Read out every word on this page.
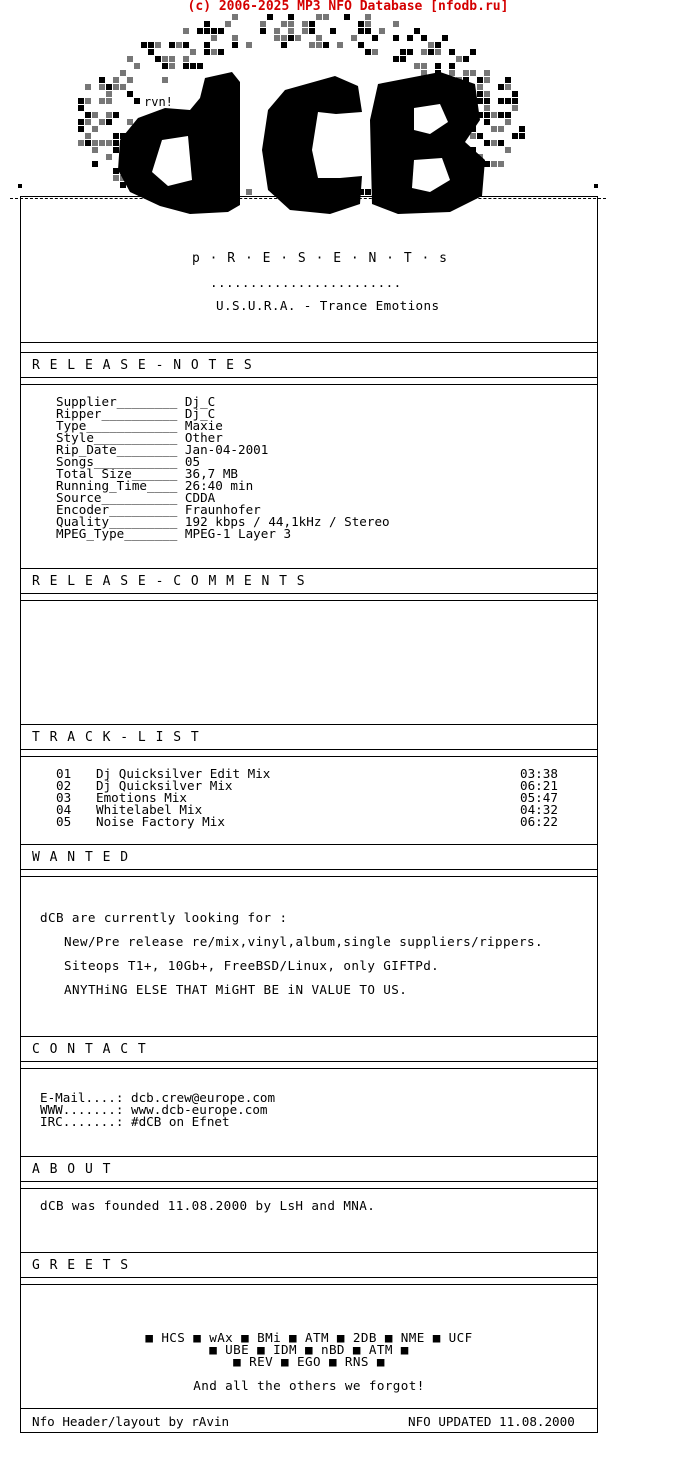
(c) 2006-2025 MP3 NFO Database [nfodb.ru]
rvn!
p · R · E · S · E · N · T · s
........................
U.S.U.R.A. - Trance Emotions
R E L E A S E - N O T E S
Supplier________ Dj_C
Ripper__________ Dj_C
Type____________ Maxie
Style___________ Other
Rip_Date________ Jan-04-2001
Songs___________ 05
Total Size______ 36,7 MB
Running_Time____ 26:40 min
Source__________ CDDA
Encoder_________ Fraunhofer
Quality_________ 192 kbps / 44,1kHz / Stereo
MPEG_Type_______ MPEG-1 Layer 3
R E L E A S E - C O M M E N T S
T R A C K - L I S T
01 Dj Quicksilver Edit Mix	03:38
02 Dj Quicksilver Mix	06:21
03 Emotions Mix	05:47
04 Whitelabel Mix	04:32
05 Noise Factory Mix	06:22
W A N T E D
dCB are currently looking for :
New/Pre release re/mix,vinyl,album,single suppliers/rippers.
Siteops T1+, 10Gb+, FreeBSD/Linux, only GIFTPd.
ANYTHiNG ELSE THAT MiGHT BE iN VALUE TO US.
C O N T A C T
E-Mail....: dcb.crew@europe.com
WWW.......: www.dcb-europe.com
IRC.......: #dCB on Efnet
A B O U T
dCB was founded 11.08.2000 by LsH and MNA.
G R E E T S
■ HCS ■ wAx ■ BMi ■ ATM ■ 2DB ■ NME ■ UCF
■ UBE ■ IDM ■ nBD ■ ATM ■
■ REV ■ EGO ■ RNS ■
And all the others we forgot!
Nfo Header/layout by rAvin	NFO UPDATED 11.08.2000
